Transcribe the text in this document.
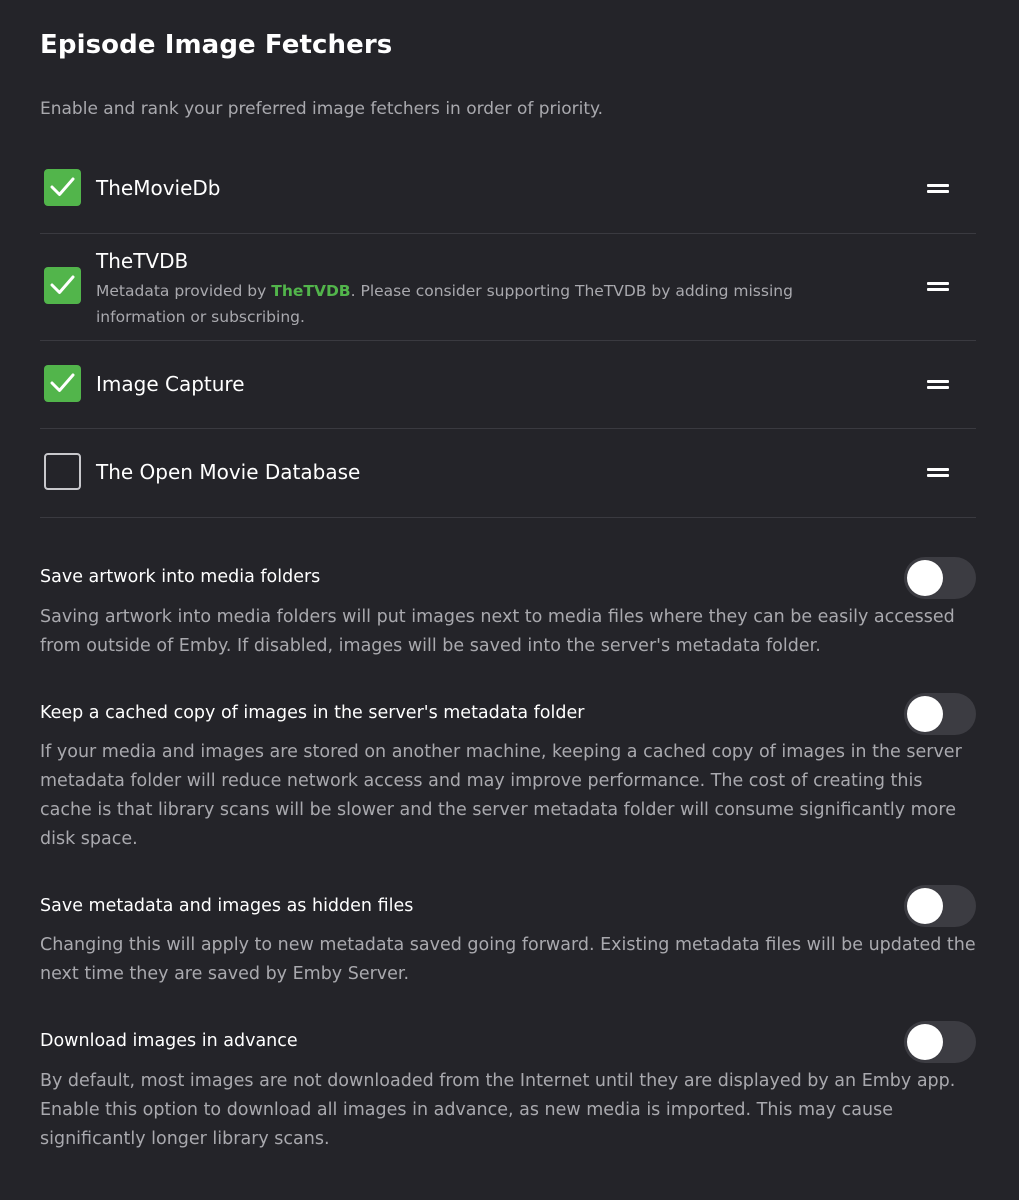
Episode Image Fetchers
Enable and rank your preferred image fetchers in order of priority.
TheMovieDb
TheTVDB
Metadata provided by TheTVDB. Please consider supporting TheTVDB by adding missing information or subscribing.
Image Capture
The Open Movie Database
Save artwork into media folders
Saving artwork into media folders will put images next to media files where they can be easily accessed from outside of Emby. If disabled, images will be saved into the server's metadata folder.
Keep a cached copy of images in the server's metadata folder
If your media and images are stored on another machine, keeping a cached copy of images in the server metadata folder will reduce network access and may improve performance. The cost of creating this cache is that library scans will be slower and the server metadata folder will consume significantly more disk space.
Save metadata and images as hidden files
Changing this will apply to new metadata saved going forward. Existing metadata files will be updated the next time they are saved by Emby Server.
Download images in advance
By default, most images are not downloaded from the Internet until they are displayed by an Emby app. Enable this option to download all images in advance, as new media is imported. This may cause significantly longer library scans.
